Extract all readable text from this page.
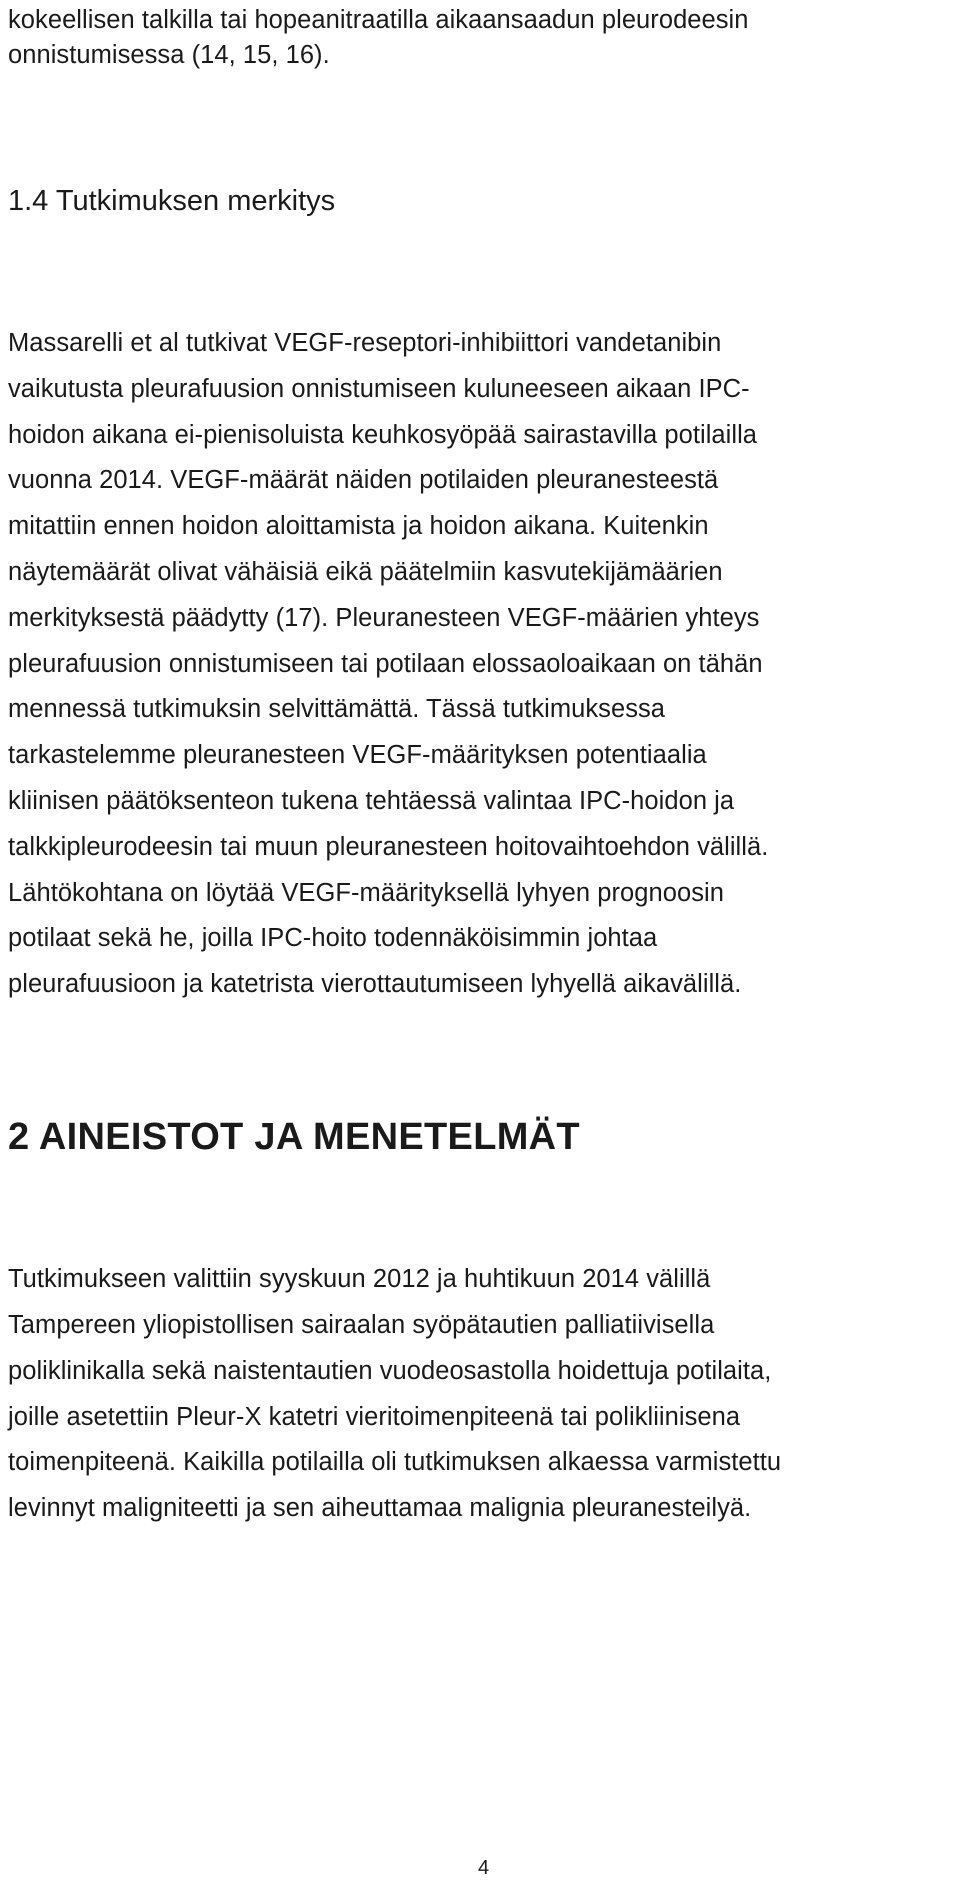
kokeellisen talkilla tai hopeanitraatilla aikaansaadun pleurodeesin
onnistumisessa (14, 15, 16).
1.4 Tutkimuksen merkitys
Massarelli et al tutkivat VEGF-reseptori-inhibiittori vandetanibin
vaikutusta pleurafuusion onnistumiseen kuluneeseen aikaan IPC-
hoidon aikana ei-pienisoluista keuhkosyöpää sairastavilla potilailla
vuonna 2014. VEGF-määrät näiden potilaiden pleuranesteestä
mitattiin ennen hoidon aloittamista ja hoidon aikana. Kuitenkin
näytemäärät olivat vähäisiä eikä päätelmiin kasvutekijämäärien
merkityksestä päädytty (17). Pleuranesteen VEGF-määrien yhteys
pleurafuusion onnistumiseen tai potilaan elossaoloaikaan on tähän
mennessä tutkimuksin selvittämättä. Tässä tutkimuksessa
tarkastelemme pleuranesteen VEGF-määrityksen potentiaalia
kliinisen päätöksenteon tukena tehtäessä valintaa IPC-hoidon ja
talkkipleurodeesin tai muun pleuranesteen hoitovaihtoehdon välillä.
Lähtökohtana on löytää VEGF-määrityksellä lyhyen prognoosin
potilaat sekä he, joilla IPC-hoito todennäköisimmin johtaa
pleurafuusioon ja katetrista vierottautumiseen lyhyellä aikavälillä.
2 AINEISTOT JA MENETELMÄT
Tutkimukseen valittiin syyskuun 2012 ja huhtikuun 2014 välillä
Tampereen yliopistollisen sairaalan syöpätautien palliatiivisella
poliklinikalla sekä naistentautien vuodeosastolla hoidettuja potilaita,
joille asetettiin Pleur-X katetri vieritoimenpiteenä tai polikliinisena
toimenpiteenä. Kaikilla potilailla oli tutkimuksen alkaessa varmistettu
levinnyt maligniteetti ja sen aiheuttamaa malignia pleuranesteilyä.
4
